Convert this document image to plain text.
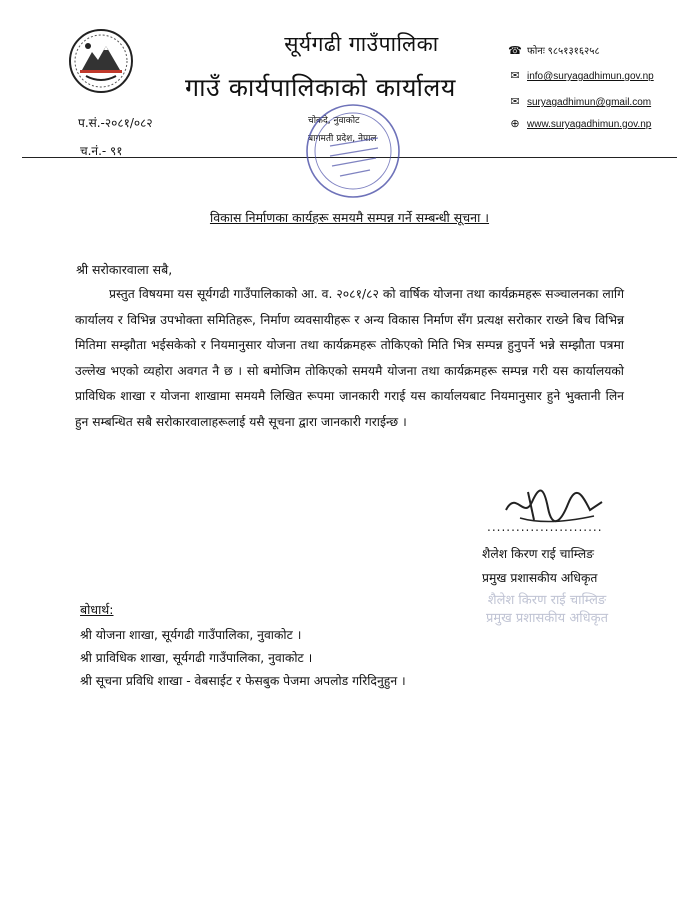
सूर्यगढी गाउँपालिका
गाउँ कार्यपालिकाको कार्यालय
☎ फोनः ९८५१३१६२५८
✉ info@suryagadhimun.gov.np
✉ suryagadhimun@gmail.com
⊕ www.suryagadhimun.gov.np
प.सं.-२०८१/०८२
च.नं.- ९१
चोकदे, नुवाकोट
बागमती प्रदेश, नेपाल
विकास निर्माणका कार्यहरू समयमै सम्पन्न गर्ने सम्बन्धी सूचना ।
श्री सरोकारवाला सबै,
प्रस्तुत विषयमा यस सूर्यगढी गाउँपालिकाको आ. व. २०८१/८२ को वार्षिक योजना तथा कार्यक्रमहरू सञ्चालनका लागि कार्यालय र विभिन्न उपभोक्ता समितिहरू, निर्माण व्यवसायीहरू र अन्य विकास निर्माण सँग प्रत्यक्ष सरोकार राख्ने बिच विभिन्न मितिमा सम्झौता भईसकेको र नियमानुसार योजना तथा कार्यक्रमहरू तोकिएको मिति भित्र सम्पन्न हुनुपर्ने भन्ने सम्झौता पत्रमा उल्लेख भएको व्यहोरा अवगत नै छ । सो बमोजिम तोकिएको समयमै योजना तथा कार्यक्रमहरू सम्पन्न गरी यस कार्यालयको प्राविधिक शाखा र योजना शाखामा समयमै लिखित रूपमा जानकारी गराई यस कार्यालयबाट नियमानुसार हुने भुक्तानी लिन हुन सम्बन्धित सबै सरोकारवालाहरूलाई यसै सूचना द्वारा जानकारी गराईन्छ ।
........................
शैलेश किरण राई चाम्लिङ
प्रमुख प्रशासकीय अधिकृत
शैलेश किरण राई चाम्लिङ
प्रमुख प्रशासकीय अधिकृत
बोधार्थ:
श्री योजना शाखा, सूर्यगढी गाउँपालिका, नुवाकोट ।
श्री प्राविधिक शाखा, सूर्यगढी गाउँपालिका, नुवाकोट ।
श्री सूचना प्रविधि शाखा - वेबसाईट र फेसबुक पेजमा अपलोड गरिदिनुहुन ।
